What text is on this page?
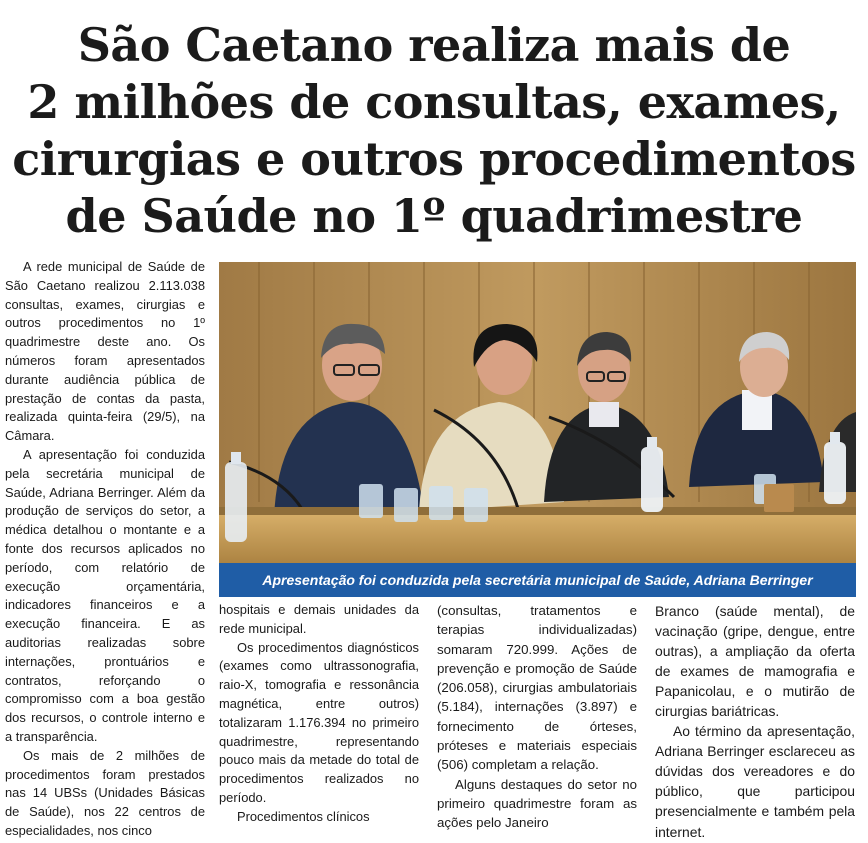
São Caetano realiza mais de
2 milhões de consultas, exames,
cirurgias e outros procedimentos
de Saúde no 1º quadrimestre

A rede municipal de Saúde de São Caetano realizou 2.113.038 consultas, exames, cirurgias e outros procedimentos no 1º quadrimestre deste ano. Os números foram apresentados durante audiência pública de prestação de contas da pasta, realizada quinta-feira (29/5), na Câmara.

A apresentação foi conduzida pela secretária municipal de Saúde, Adriana Berringer. Além da produção de serviços do setor, a médica detalhou o montante e a fonte dos recursos aplicados no período, com relatório de execução orçamentária, indicadores financeiros e a execução financeira. E as auditorias realizadas sobre internações, prontuários e contratos, reforçando o compromisso com a boa gestão dos recursos, o controle interno e a transparência.

Os mais de 2 milhões de procedimentos foram prestados nas 14 UBSs (Unidades Básicas de Saúde), nos 22 centros de especialidades, nos cinco

Apresentação foi conduzida pela secretária municipal de Saúde, Adriana Berringer

hospitais e demais unidades da rede municipal.

Os procedimentos diagnósticos (exames como ultrassonografia, raio-X, tomografia e ressonância magnética, entre outros) totalizaram 1.176.394 no primeiro quadrimestre, representando pouco mais da metade do total de procedimentos realizados no período.

Procedimentos clínicos

(consultas, tratamentos e terapias individualizadas) somaram 720.999. Ações de prevenção e promoção de Saúde (206.058), cirurgias ambulatoriais (5.184), internações (3.897) e fornecimento de órteses, próteses e materiais especiais (506) completam a relação.

Alguns destaques do setor no primeiro quadrimestre foram as ações pelo Janeiro

Branco (saúde mental), de vacinação (gripe, dengue, entre outras), a ampliação da oferta de exames de mamografia e Papanicolau, e o mutirão de cirurgias bariátricas.

Ao término da apresentação, Adriana Berringer esclareceu as dúvidas dos vereadores e do público, que participou presencialmente e também pela internet.
